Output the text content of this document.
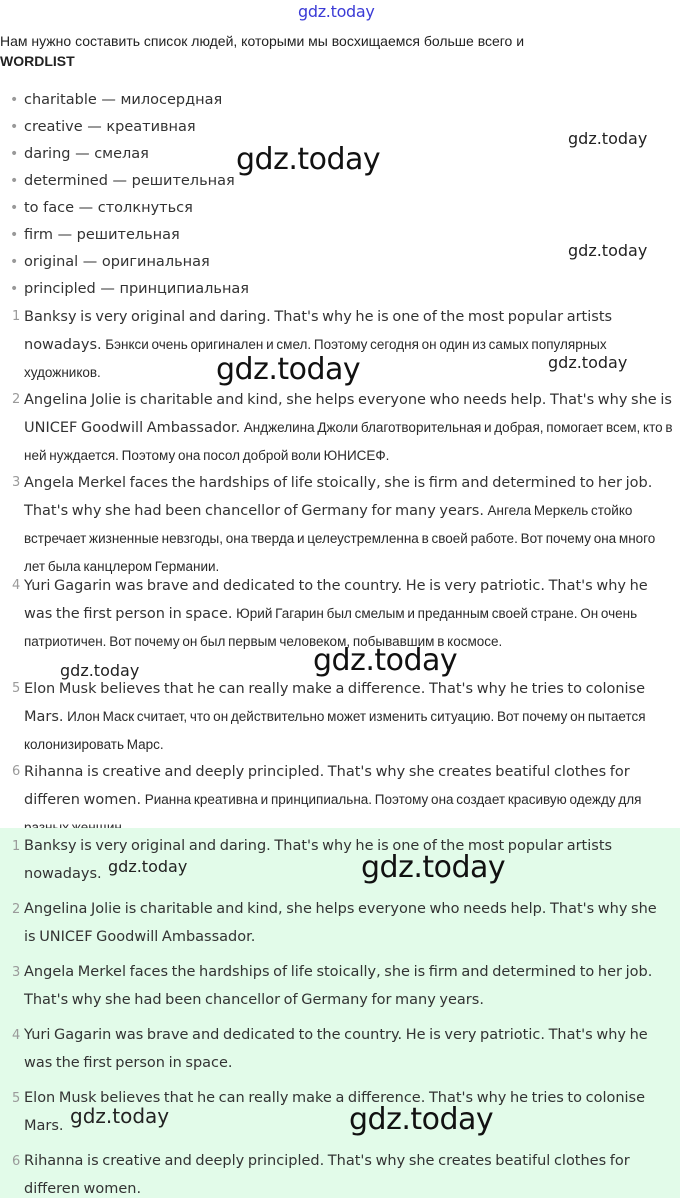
gdz.today
Нам нужно составить список людей, которыми мы восхищаемся больше всего и
WORDLIST
• charitable — милосердная
• creative — креативная
• daring — смелая
• determined — решительная
• to face — столкнуться
• firm — решительная
• original — оригинальная
• principled — принципиальная
1 Banksy is very original and daring. That's why he is one of the most popular artists nowadays. Бэнкси очень оригинален и смел. Поэтому сегодня он один из самых популярных художников.
2 Angelina Jolie is charitable and kind, she helps everyone who needs help. That's why she is UNICEF Goodwill Ambassador. Анджелина Джоли благотворительная и добрая, помогает всем, кто в ней нуждается. Поэтому она посол доброй воли ЮНИСЕФ.
3 Angela Merkel faces the hardships of life stoically, she is firm and determined to her job. That's why she had been chancellor of Germany for many years. Ангела Меркель стойко встречает жизненные невзгоды, она тверда и целеустремленна в своей работе. Вот почему она много лет была канцлером Германии.
4 Yuri Gagarin was brave and dedicated to the country. He is very patriotic. That's why he was the first person in space. Юрий Гагарин был смелым и преданным своей стране. Он очень патриотичен. Вот почему он был первым человеком, побывавшим в космосе.
5 Elon Musk believes that he can really make a difference. That's why he tries to colonise Mars. Илон Маск считает, что он действительно может изменить ситуацию. Вот почему он пытается колонизировать Марс.
6 Rihanna is creative and deeply principled. That's why she creates beatiful clothes for differen women. Рианна креативна и принципиальна. Поэтому она создает красивую одежду для
1 Banksy is very original and daring. That's why he is one of the most popular artists
nowadays.
2 Angelina Jolie is charitable and kind, she helps everyone who needs help. That's why she
is UNICEF Goodwill Ambassador.
3 Angela Merkel faces the hardships of life stoically, she is firm and determined to her job.
That's why she had been chancellor of Germany for many years.
4 Yuri Gagarin was brave and dedicated to the country. He is very patriotic. That's why he
was the first person in space.
5 Elon Musk believes that he can really make a difference. That's why he tries to colonise
Mars.
6 Rihanna is creative and deeply principled. That's why she creates beatiful clothes for
differen women.
gdz.today
gdz.today
gdz.today
gdz.today
gdz.today
gdz.today	gdz.today
gdz.today	gdz.today
gdz.today	gdz.today
